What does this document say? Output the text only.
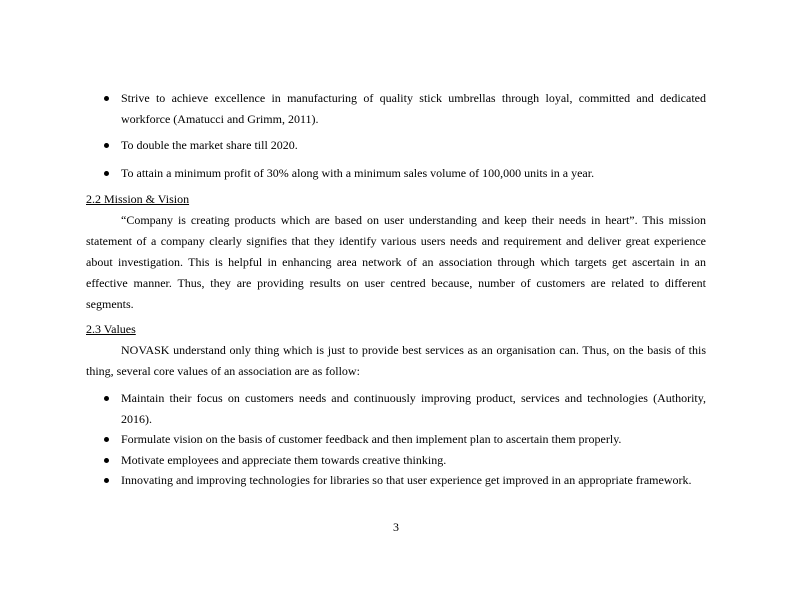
Strive to achieve excellence in manufacturing of quality stick umbrellas through loyal, committed and dedicated workforce (Amatucci and Grimm, 2011).
To double the market share till 2020.
To attain a minimum profit of 30% along with a minimum sales volume of 100,000 units in a year.
2.2 Mission & Vision
“Company is creating products which are based on user understanding and keep their needs in heart”. This mission statement of a company clearly signifies that they identify various users needs and requirement and deliver great experience about investigation. This is helpful in enhancing area network of an association through which targets get ascertain in an effective manner. Thus, they are providing results on user centred because, number of customers are related to different segments.
2.3 Values
NOVASK understand only thing which is just to provide best services as an organisation can. Thus, on the basis of this thing, several core values of an association are as follow:
Maintain their focus on customers needs and continuously improving product, services and technologies (Authority, 2016).
Formulate vision on the basis of customer feedback and then implement plan to ascertain them properly.
Motivate employees and appreciate them towards creative thinking.
Innovating and improving technologies for libraries so that user experience get improved in an appropriate framework.
3
